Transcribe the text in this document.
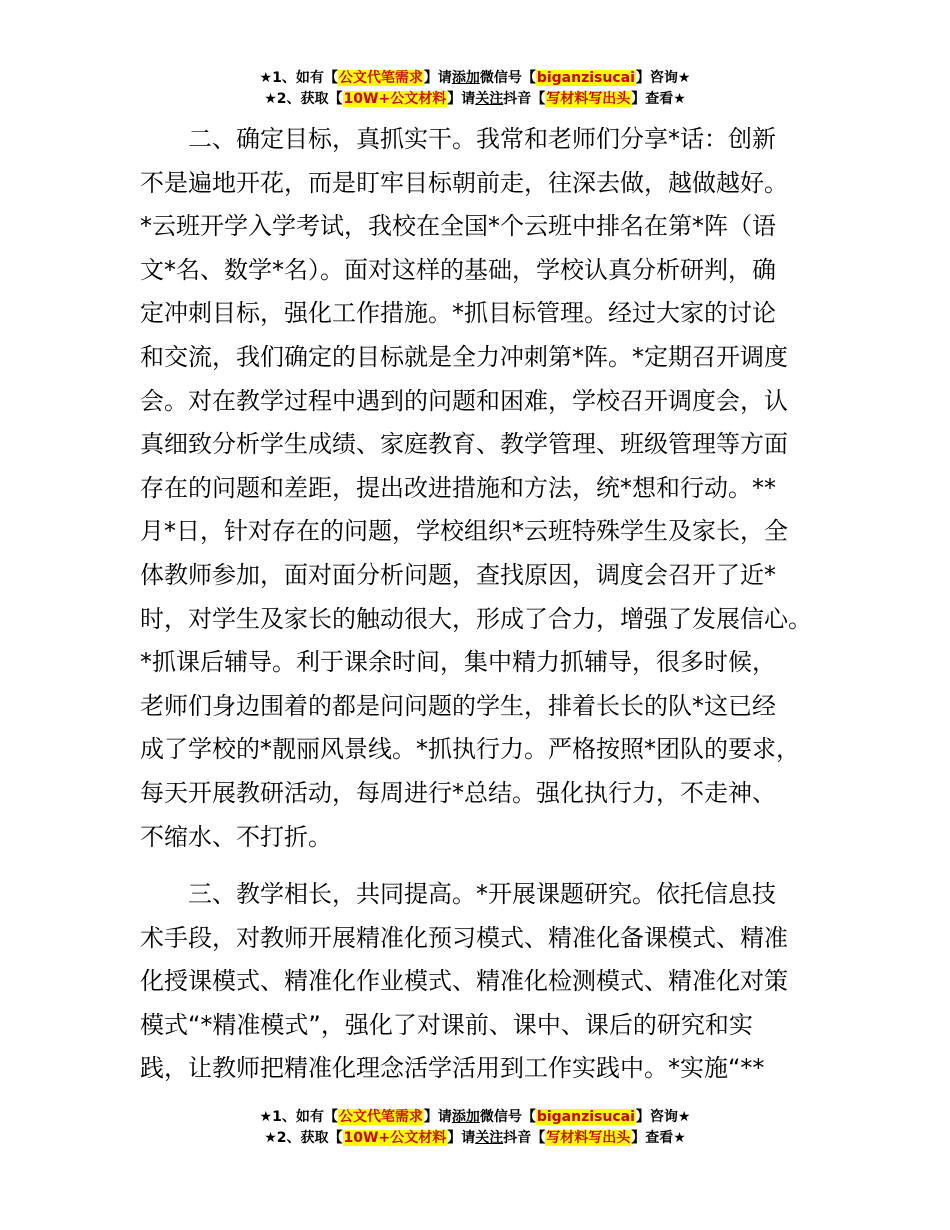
★1、如有【公文代笔需求】请添加微信号【biganzisucai】咨询★
★2、获取【10W+公文材料】请关注抖音【写材料写出头】查看★

二、确定目标，真抓实干。我常和老师们分享*话：创新
不是遍地开花，而是盯牢目标朝前走，往深去做，越做越好。
*云班开学入学考试，我校在全国*个云班中排名在第*阵（语
文*名、数学*名）。面对这样的基础，学校认真分析研判，确
定冲刺目标，强化工作措施。*抓目标管理。经过大家的讨论
和交流，我们确定的目标就是全力冲刺第*阵。*定期召开调度
会。对在教学过程中遇到的问题和困难，学校召开调度会，认
真细致分析学生成绩、家庭教育、教学管理、班级管理等方面
存在的问题和差距，提出改进措施和方法，统*想和行动。**
月*日，针对存在的问题，学校组织*云班特殊学生及家长，全
体教师参加，面对面分析问题，查找原因，调度会召开了近*
时，对学生及家长的触动很大，形成了合力，增强了发展信心。
*抓课后辅导。利于课余时间，集中精力抓辅导，很多时候，
老师们身边围着的都是问问题的学生，排着长长的队*这已经
成了学校的*靓丽风景线。*抓执行力。严格按照*团队的要求，
每天开展教研活动，每周进行*总结。强化执行力，不走神、
不缩水、不打折。

三、教学相长，共同提高。*开展课题研究。依托信息技
术手段，对教师开展精准化预习模式、精准化备课模式、精准
化授课模式、精准化作业模式、精准化检测模式、精准化对策
模式“*精准模式”，强化了对课前、课中、课后的研究和实
践，让教师把精准化理念活学活用到工作实践中。*实施“**

★1、如有【公文代笔需求】请添加微信号【biganzisucai】咨询★
★2、获取【10W+公文材料】请关注抖音【写材料写出头】查看★
